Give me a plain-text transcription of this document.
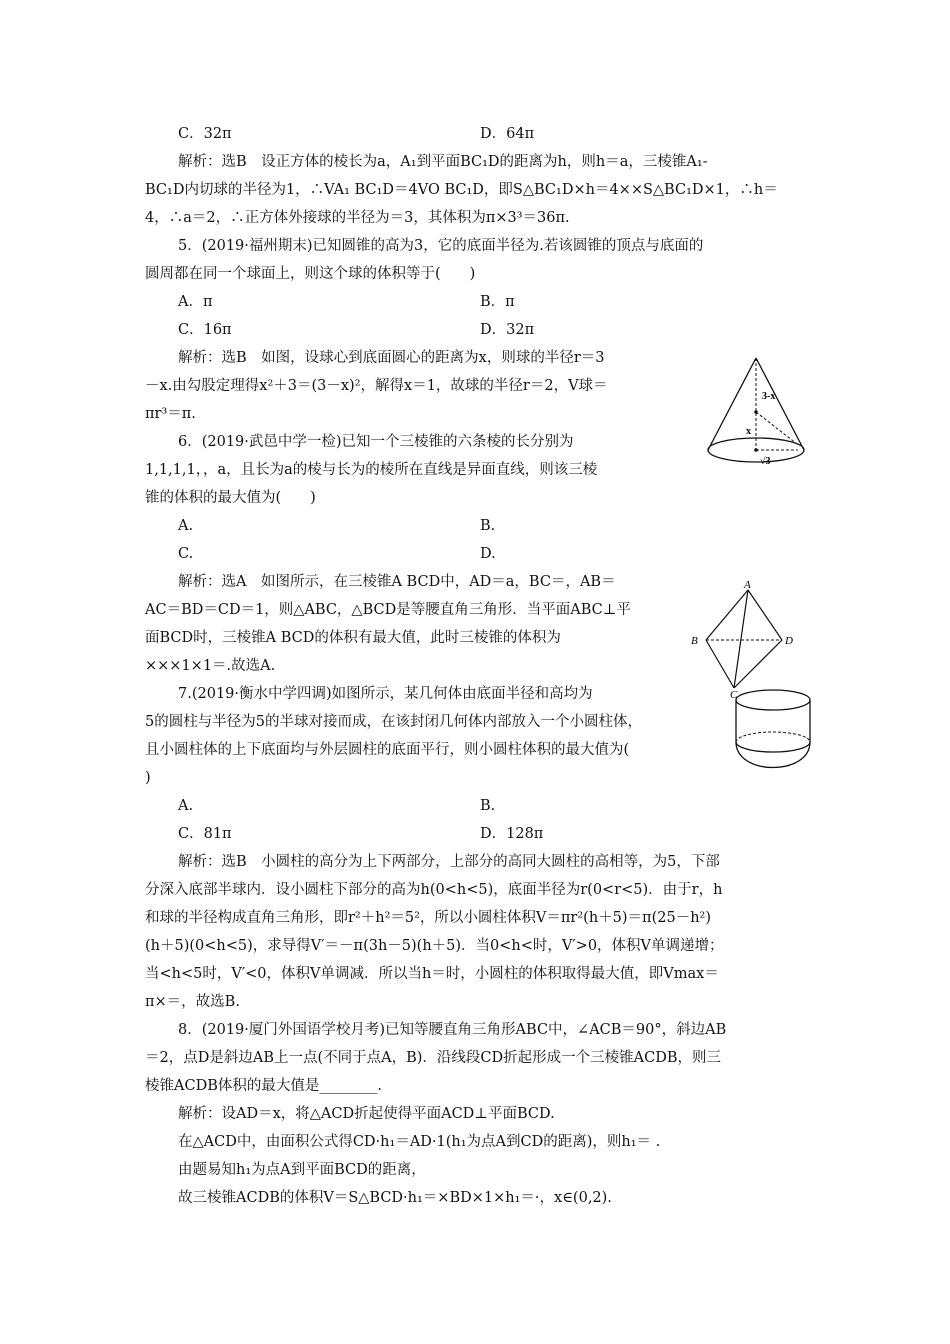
C．32π	D．64π
解析：选B　设正方体的棱长为a，A₁到平面BC₁D的距离为h，则h＝a，三棱锥A₁-
BC₁D内切球的半径为1，∴VA₁ BC₁D＝4VO BC₁D，即S△BC₁D×h＝4××S△BC₁D×1，∴h＝
4，∴a＝2，∴正方体外接球的半径为＝3，其体积为π×3³＝36π.
5．(2019·福州期末)已知圆锥的高为3，它的底面半径为.若该圆锥的顶点与底面的
圆周都在同一个球面上，则这个球的体积等于(　　)
A．π	B．π
C．16π	D．32π
解析：选B　如图，设球心到底面圆心的距离为x，则球的半径r＝3
－x.由勾股定理得x²＋3＝(3－x)²，解得x＝1，故球的半径r＝2，V球＝
πr³＝π.
6．(2019·武邑中学一检)已知一个三棱锥的六条棱的长分别为
1,1,1,1，，a，且长为a的棱与长为的棱所在直线是异面直线，则该三棱
锥的体积的最大值为(　　)
A.	B.
C.	D.
解析：选A　如图所示，在三棱锥A BCD中，AD＝a，BC＝，AB＝
AC＝BD＝CD＝1，则△ABC，△BCD是等腰直角三角形．当平面ABC⊥平
面BCD时，三棱锥A BCD的体积有最大值，此时三棱锥的体积为
×××1×1＝.故选A.
7.(2019·衡水中学四调)如图所示，某几何体由底面半径和高均为
5的圆柱与半径为5的半球对接而成，在该封闭几何体内部放入一个小圆柱体，
且小圆柱体的上下底面均与外层圆柱的底面平行，则小圆柱体积的最大值为(
)
A.	B.
C．81π	D．128π
解析：选B　小圆柱的高分为上下两部分，上部分的高同大圆柱的高相等，为5，下部
分深入底部半球内．设小圆柱下部分的高为h(0<h<5)，底面半径为r(0<r<5)．由于r，h
和球的半径构成直角三角形，即r²＋h²＝5²，所以小圆柱体积V＝πr²(h＋5)＝π(25－h²)
(h＋5)(0<h<5)，求导得V′＝－π(3h－5)(h＋5)．当0<h<时，V′>0，体积V单调递增；
当<h<5时，V′<0，体积V单调减．所以当h＝时，小圆柱的体积取得最大值，即Vmax＝
π×＝，故选B.
8．(2019·厦门外国语学校月考)已知等腰直角三角形ABC中，∠ACB＝90°，斜边AB
＝2，点D是斜边AB上一点(不同于点A，B)．沿线段CD折起形成一个三棱锥ACDB，则三
棱锥ACDB体积的最大值是________.
解析：设AD＝x，将△ACD折起使得平面ACD⊥平面BCD.
在△ACD中，由面积公式得CD·h₁＝AD·1(h₁为点A到CD的距离)，则h₁＝ .
由题易知h₁为点A到平面BCD的距离，
故三棱锥ACDB的体积V＝S△BCD·h₁＝×BD×1×h₁＝·，x∈(0,2).
3-x
x
√3
A
B
C
D
